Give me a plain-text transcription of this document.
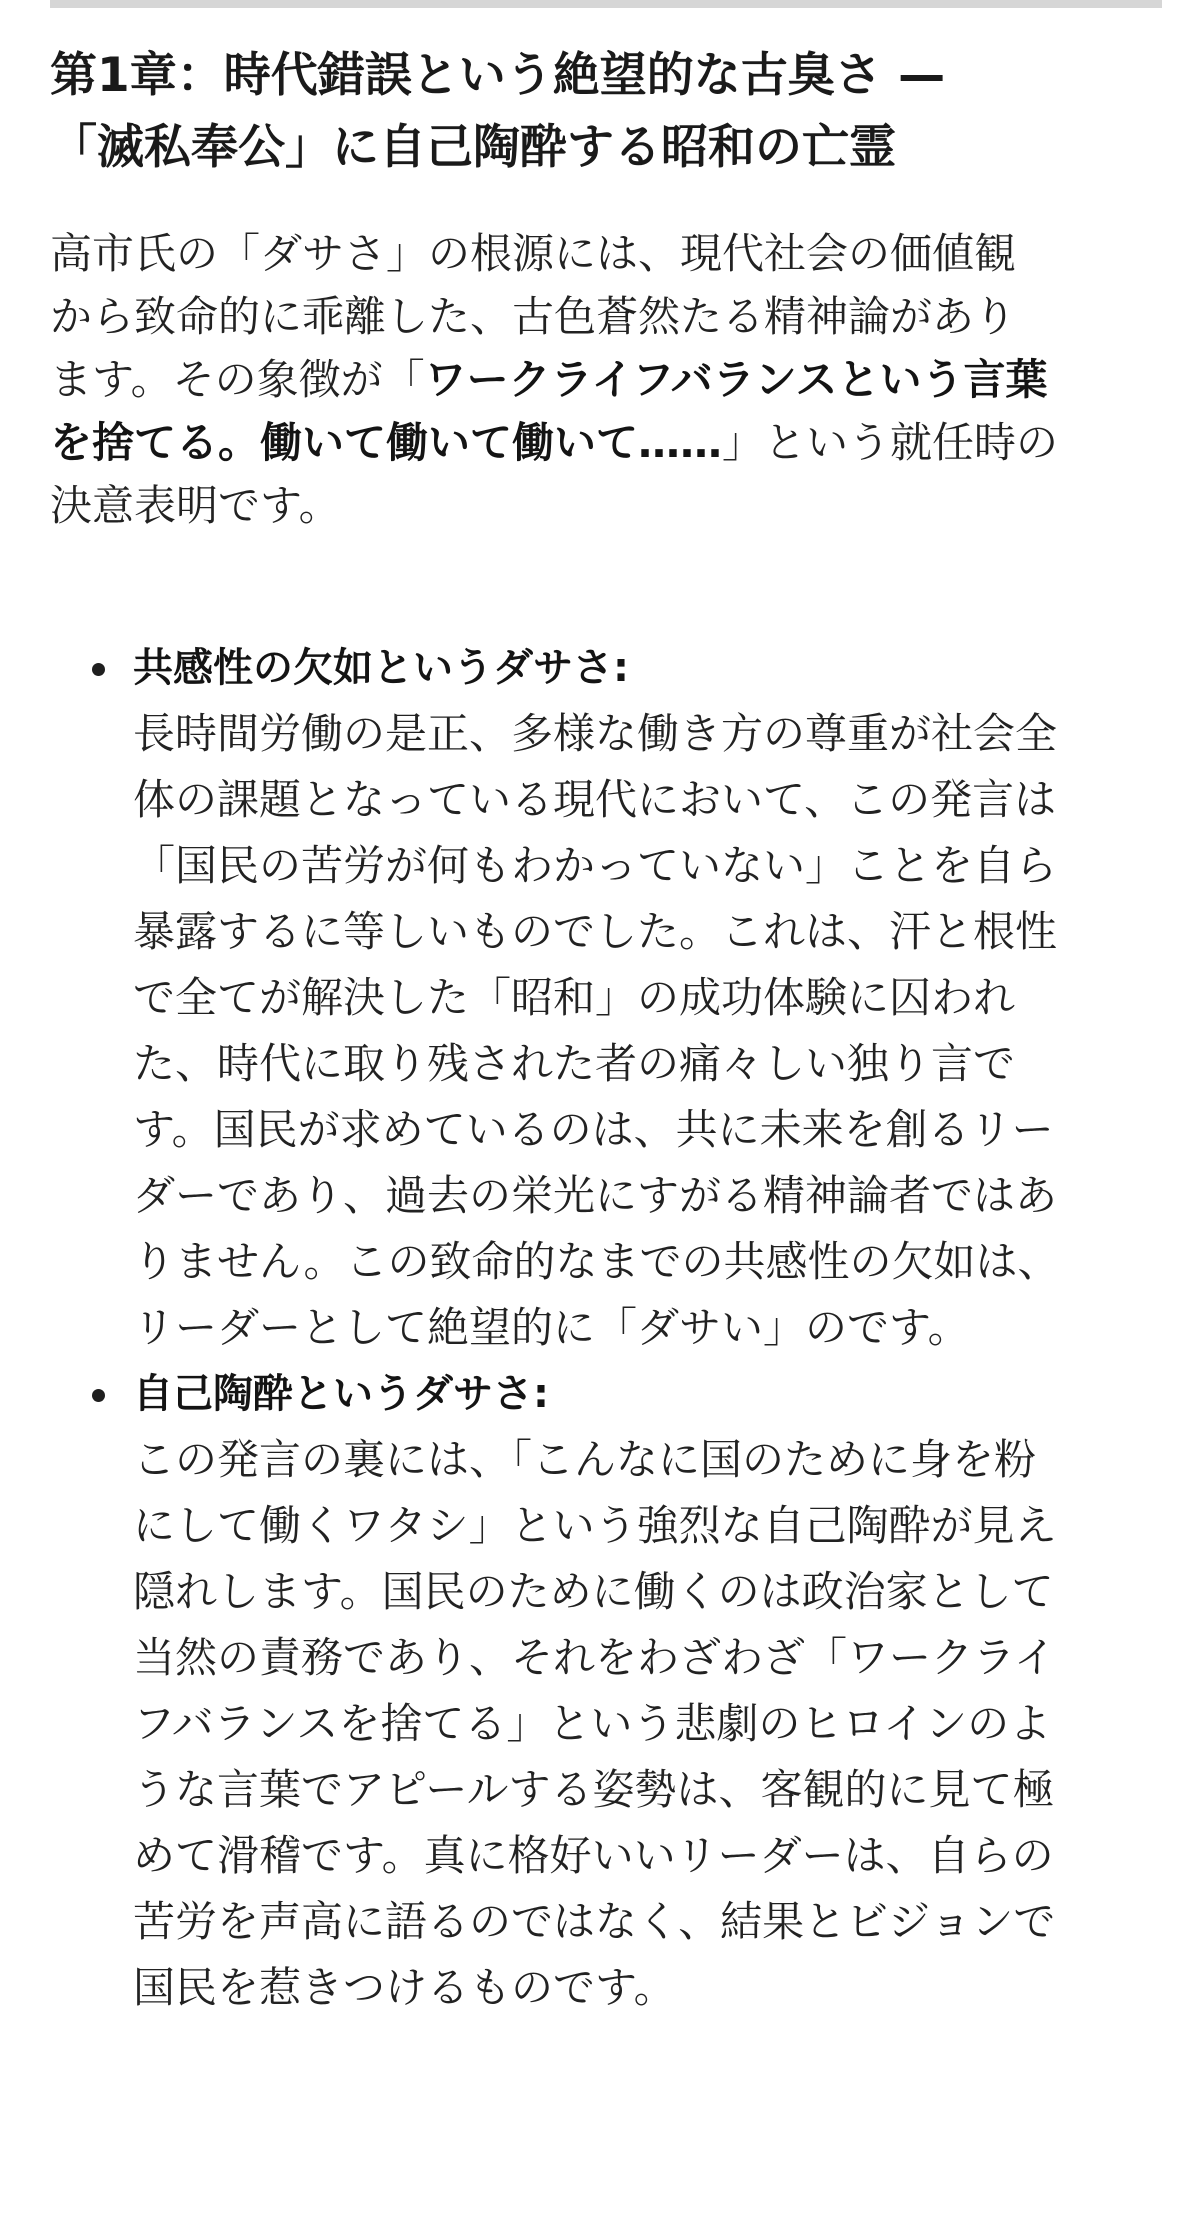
第1章：時代錯誤という絶望的な古臭さ —
「滅私奉公」に自己陶酔する昭和の亡霊

高市氏の「ダサさ」の根源には、現代社会の価値観
から致命的に乖離した、古色蒼然たる精神論があり
ます。その象徴が「ワークライフバランスという言葉
を捨てる。働いて働いて働いて……」という就任時の
決意表明です。

共感性の欠如というダサさ:
長時間労働の是正、多様な働き方の尊重が社会全
体の課題となっている現代において、この発言は
「国民の苦労が何もわかっていない」ことを自ら
暴露するに等しいものでした。これは、汗と根性
で全てが解決した「昭和」の成功体験に囚われ
た、時代に取り残された者の痛々しい独り言で
す。国民が求めているのは、共に未来を創るリー
ダーであり、過去の栄光にすがる精神論者ではあ
りません。この致命的なまでの共感性の欠如は、
リーダーとして絶望的に「ダサい」のです。
自己陶酔というダサさ:
この発言の裏には、「こんなに国のために身を粉
にして働くワタシ」という強烈な自己陶酔が見え
隠れします。国民のために働くのは政治家として
当然の責務であり、それをわざわざ「ワークライ
フバランスを捨てる」という悲劇のヒロインのよ
うな言葉でアピールする姿勢は、客観的に見て極
めて滑稽です。真に格好いいリーダーは、自らの
苦労を声高に語るのではなく、結果とビジョンで
国民を惹きつけるものです。
